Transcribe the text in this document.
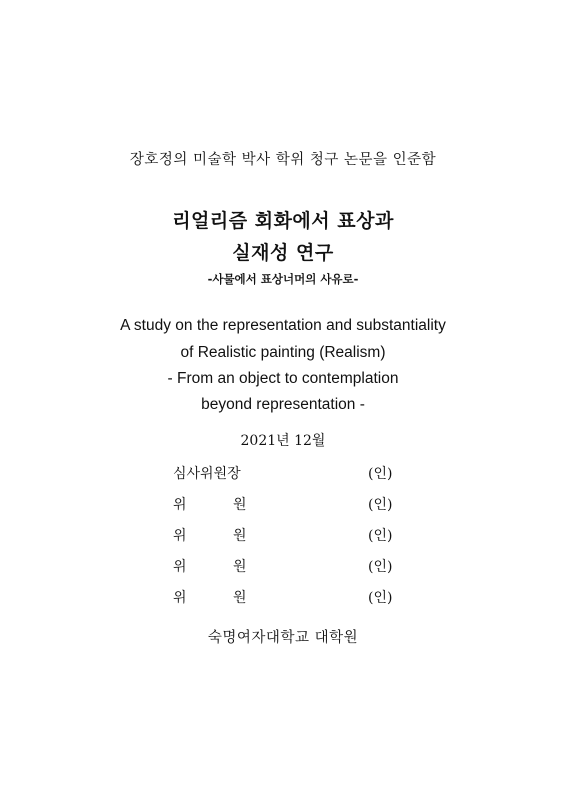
장호정의 미술학 박사 학위 청구 논문을 인준함
리얼리즘 회화에서 표상과
실재성 연구
-사물에서 표상너머의 사유로-
A study on the representation and substantiality
of Realistic painting (Realism)
- From an object to contemplation
beyond representation -
2021년 12월
심사위원장	(인)
위	원	(인)
위	원	(인)
위	원	(인)
위	원	(인)
숙명여자대학교 대학원
